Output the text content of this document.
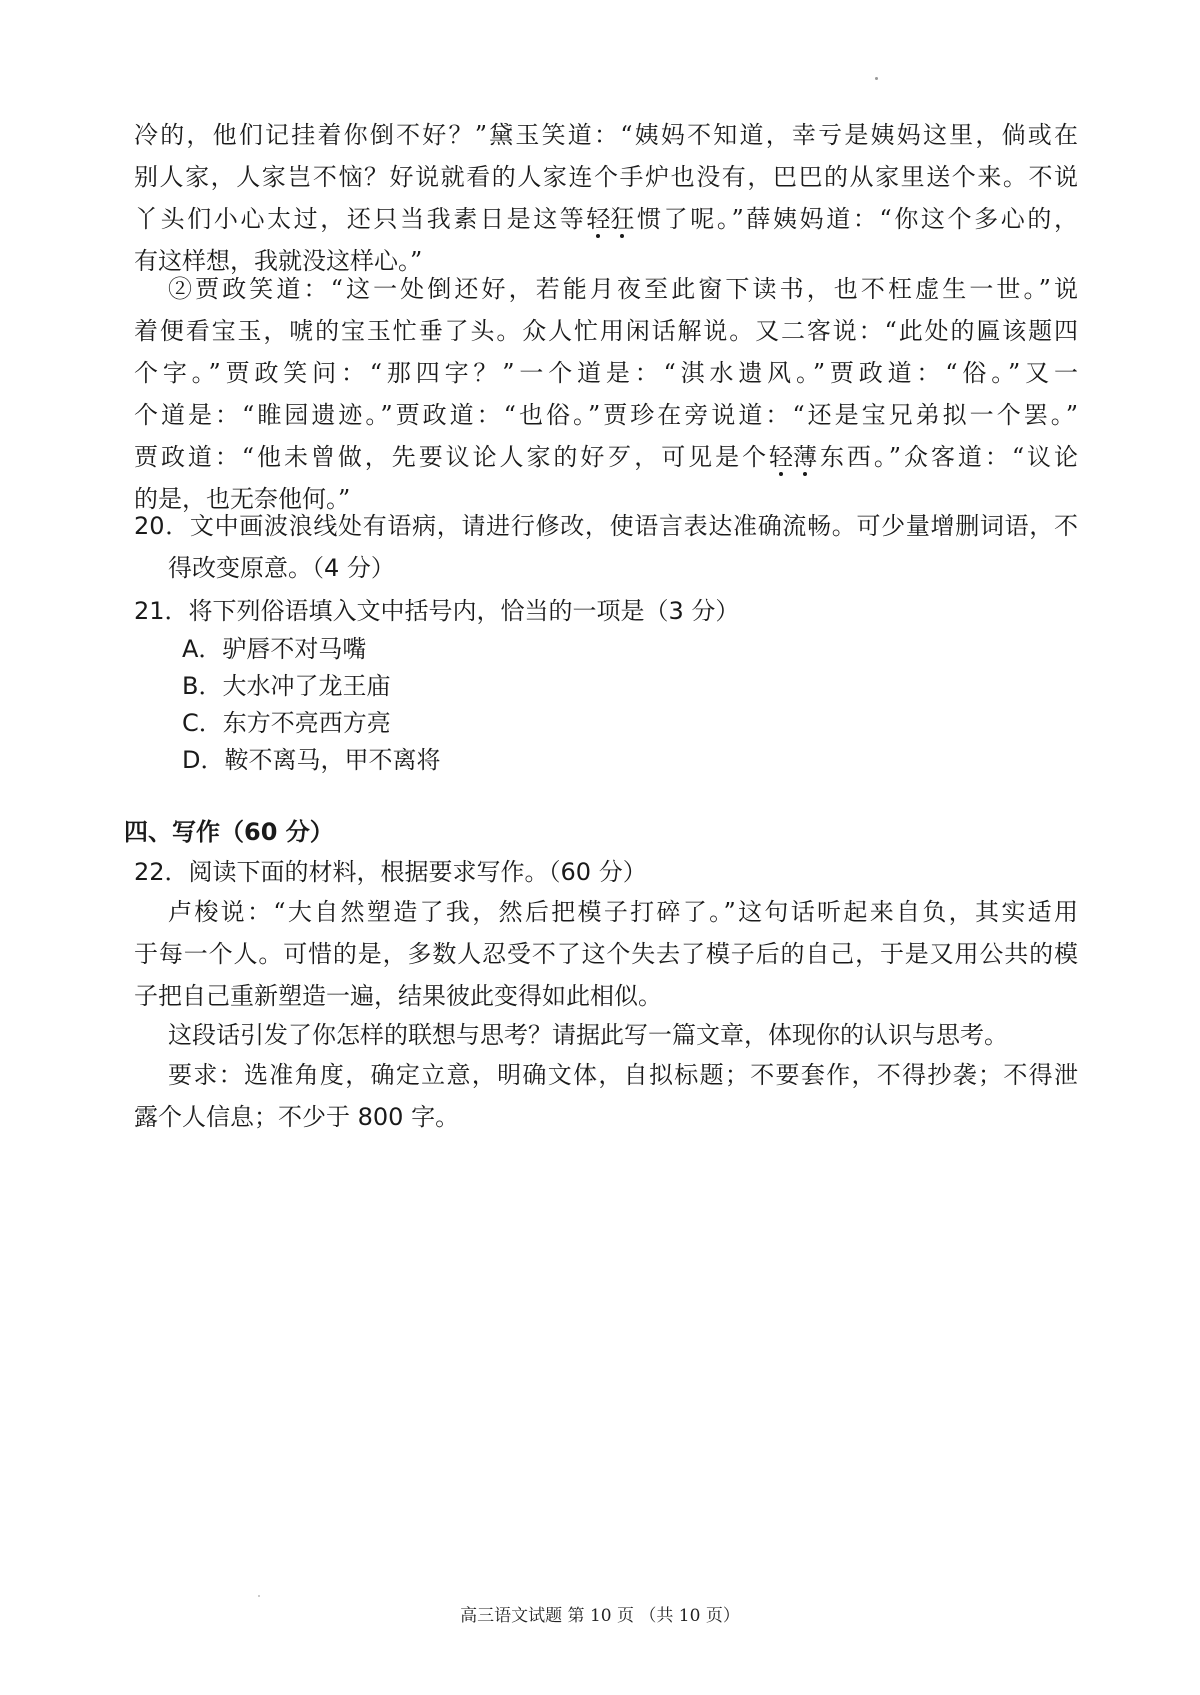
冷的，他们记挂着你倒不好？”黛玉笑道：“姨妈不知道，幸亏是姨妈这里，倘或在
别人家，人家岂不恼？好说就看的人家连个手炉也没有，巴巴的从家里送个来。不说
丫头们小心太过，还只当我素日是这等轻狂惯了呢。”薛姨妈道：“你这个多心的，
有这样想，我就没这样心。”
②贾政笑道：“这一处倒还好，若能月夜至此窗下读书，也不枉虚生一世。”说
着便看宝玉，唬的宝玉忙垂了头。众人忙用闲话解说。又二客说：“此处的匾该题四
个字。”贾政笑问：“那四字？”一个道是：“淇水遗风。”贾政道：“俗。”又一
个道是：“睢园遗迹。”贾政道：“也俗。”贾珍在旁说道：“还是宝兄弟拟一个罢。”
贾政道：“他未曾做，先要议论人家的好歹，可见是个轻薄东西。”众客道：“议论
的是，也无奈他何。”
20．文中画波浪线处有语病，请进行修改，使语言表达准确流畅。可少量增删词语，不
得改变原意。（4 分）
21．将下列俗语填入文中括号内，恰当的一项是（3 分）
A．驴唇不对马嘴
B．大水冲了龙王庙
C．东方不亮西方亮
D．鞍不离马，甲不离将
四、写作（60 分）
22．阅读下面的材料，根据要求写作。（60 分）
卢梭说：“大自然塑造了我，然后把模子打碎了。”这句话听起来自负，其实适用
于每一个人。可惜的是，多数人忍受不了这个失去了模子后的自己，于是又用公共的模
子把自己重新塑造一遍，结果彼此变得如此相似。
这段话引发了你怎样的联想与思考？请据此写一篇文章，体现你的认识与思考。
要求：选准角度，确定立意，明确文体，自拟标题；不要套作，不得抄袭；不得泄
露个人信息；不少于 800 字。
高三语文试题 第 10 页 （共 10 页）
